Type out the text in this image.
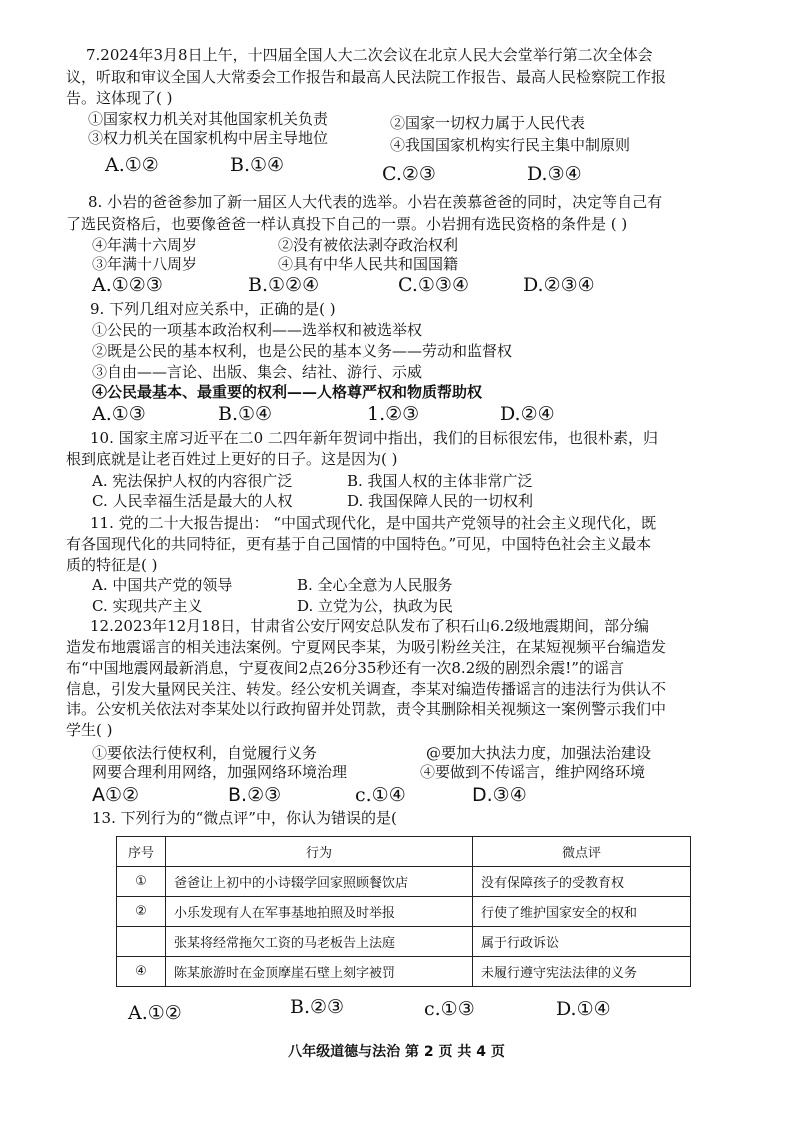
7.2024年3月8日上午，十四届全国人大二次会议在北京人民大会堂举行第二次全体会
议，听取和审议全国人大常委会工作报告和最高人民法院工作报告、最高人民检察院工作报
告。这体现了( )
①国家权力机关对其他国家机关负责	②国家一切权力属于人民代表
③权力机关在国家机构中居主导地位	④我国国家机构实行民主集中制原则
A.①②	B.①④	C.②③	D.③④
8. 小岩的爸爸参加了新一届区人大代表的选举。小岩在羡慕爸爸的同时，决定等自己有
了选民资格后，也要像爸爸一样认真投下自己的一票。小岩拥有选民资格的条件是 ( )
④年满十六周岁	②没有被依法剥夺政治权利
③年满十八周岁	④具有中华人民共和国国籍
A.①②③	B.①②④	C.①③④	D.②③④
9. 下列几组对应关系中，正确的是( )
①公民的一项基本政治权利——选举权和被选举权
②既是公民的基本权利，也是公民的基本义务——劳动和监督权
③自由——言论、出版、集会、结社、游行、示威
④公民最基本、最重要的权利——人格尊严权和物质帮助权
A.①③	B.①④	1.②③	D.②④
10. 国家主席习近平在二0 二四年新年贺词中指出，我们的目标很宏伟，也很朴素，归
根到底就是让老百姓过上更好的日子。这是因为( )
A. 宪法保护人权的内容很广泛	B. 我国人权的主体非常广泛
C. 人民幸福生活是最大的人权	D. 我国保障人民的一切权利
11. 党的二十大报告提出： “中国式现代化，是中国共产党领导的社会主义现代化，既
有各国现代化的共同特征，更有基于自己国情的中国特色。”可见，中国特色社会主义最本
质的特征是( )
A. 中国共产党的领导	B. 全心全意为人民服务
C. 实现共产主义	D. 立党为公，执政为民
12.2023年12月18日，甘肃省公安厅网安总队发布了积石山6.2级地震期间，部分编
造发布地震谣言的相关违法案例。宁夏网民李某，为吸引粉丝关注，在某短视频平台编造发
布“中国地震网最新消息，宁夏夜间2点26分35秒还有一次8.2级的剧烈余震!”的谣言
信息，引发大量网民关注、转发。经公安机关调查，李某对编造传播谣言的违法行为供认不
讳。公安机关依法对李某处以行政拘留并处罚款，责令其删除相关视频这一案例警示我们中
学生( )
①要依法行使权利，自觉履行义务	@要加大执法力度，加强法治建设
网要合理利用网络，加强网络环境治理	④要做到不传谣言，维护网络环境
A①②	B.②③	c.①④	D.③④
13. 下列行为的“微点评”中，你认为错误的是(
序号	行为	微点评
①	爸爸让上初中的小诗辍学回家照顾餐饮店	没有保障孩子的受教育权
②	小乐发现有人在军事基地拍照及时举报	行使了维护国家安全的权和
	张某将经常拖欠工资的马老板告上法庭	属于行政诉讼
④	陈某旅游时在金顶摩崖石壁上刻字被罚	未履行遵守宪法法律的义务
A.①②	B.②③	c.①③	D.①④
八年级道德与法治 第 2 页 共 4 页
